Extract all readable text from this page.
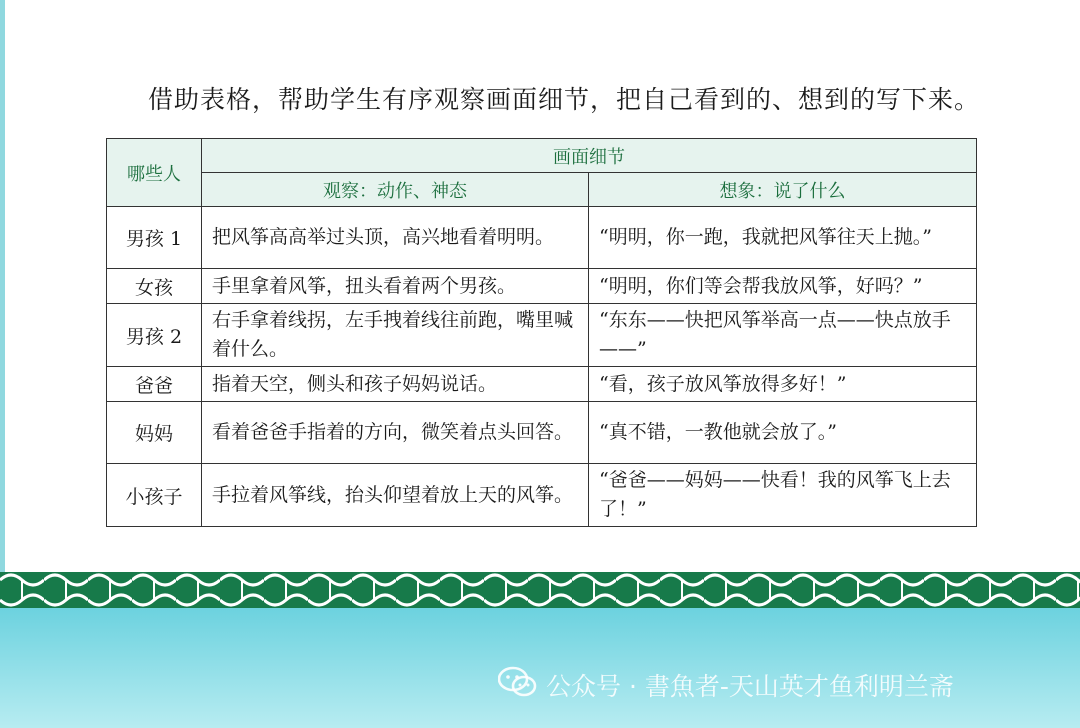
借助表格，帮助学生有序观察画面细节，把自己看到的、想到的写下来。
哪些人	画面细节	
	观察：动作、神态	想象：说了什么
男孩 1	把风筝高高举过头顶，高兴地看着明明。	“明明，你一跑，我就把风筝往天上抛。”
女孩	手里拿着风筝，扭头看着两个男孩。	“明明，你们等会帮我放风筝，好吗？”
男孩 2	右手拿着线拐，左手拽着线往前跑，嘴里喊着什么。	“东东——快把风筝举高一点——快点放手——”
爸爸	指着天空，侧头和孩子妈妈说话。	“看，孩子放风筝放得多好！”
妈妈	看着爸爸手指着的方向，微笑着点头回答。	“真不错，一教他就会放了。”
小孩子	手拉着风筝线，抬头仰望着放上天的风筝。	“爸爸——妈妈——快看！我的风筝飞上去了！”
公众号 · 書魚者-天山英才鱼利明兰斋
